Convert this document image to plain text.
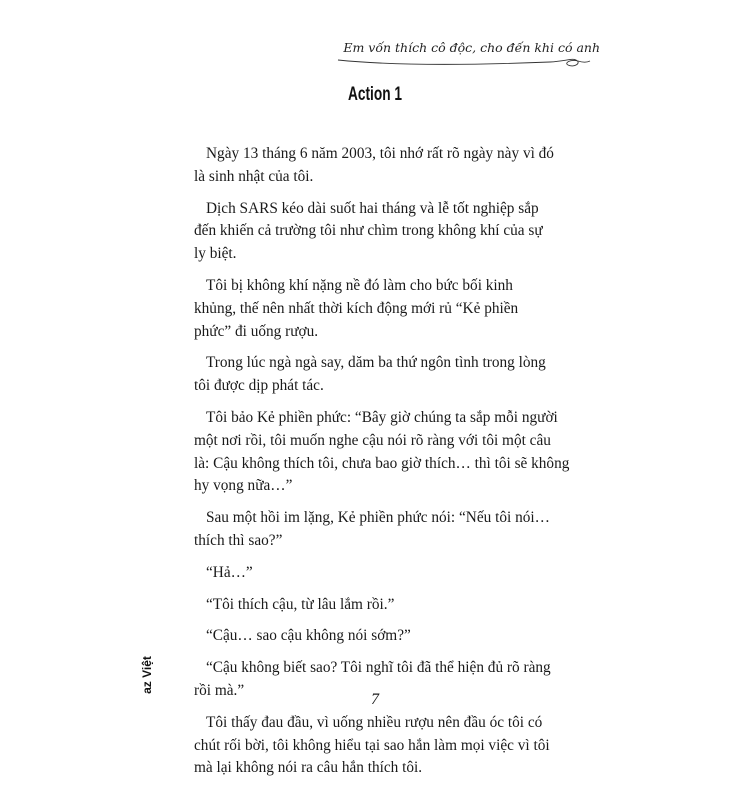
Em vốn thích cô độc, cho đến khi có anh
Action 1
Ngày 13 tháng 6 năm 2003, tôi nhớ rất rõ ngày này vì đó
là sinh nhật của tôi.
Dịch SARS kéo dài suốt hai tháng và lễ tốt nghiệp sắp
đến khiến cả trường tôi như chìm trong không khí của sự
ly biệt.
Tôi bị không khí nặng nề đó làm cho bức bối kinh
khủng, thế nên nhất thời kích động mới rủ “Kẻ phiền
phức” đi uống rượu.
Trong lúc ngà ngà say, dăm ba thứ ngôn tình trong lòng
tôi được dịp phát tác.
Tôi bảo Kẻ phiền phức: “Bây giờ chúng ta sắp mỗi người
một nơi rồi, tôi muốn nghe cậu nói rõ ràng với tôi một câu
là: Cậu không thích tôi, chưa bao giờ thích… thì tôi sẽ không
hy vọng nữa…”
Sau một hồi im lặng, Kẻ phiền phức nói: “Nếu tôi nói…
thích thì sao?”
“Hả…”
“Tôi thích cậu, từ lâu lắm rồi.”
“Cậu… sao cậu không nói sớm?”
“Cậu không biết sao? Tôi nghĩ tôi đã thể hiện đủ rõ ràng
rồi mà.”
Tôi thấy đau đầu, vì uống nhiều rượu nên đầu óc tôi có
chút rối bời, tôi không hiểu tại sao hắn làm mọi việc vì tôi
mà lại không nói ra câu hắn thích tôi.
az Việt
7
